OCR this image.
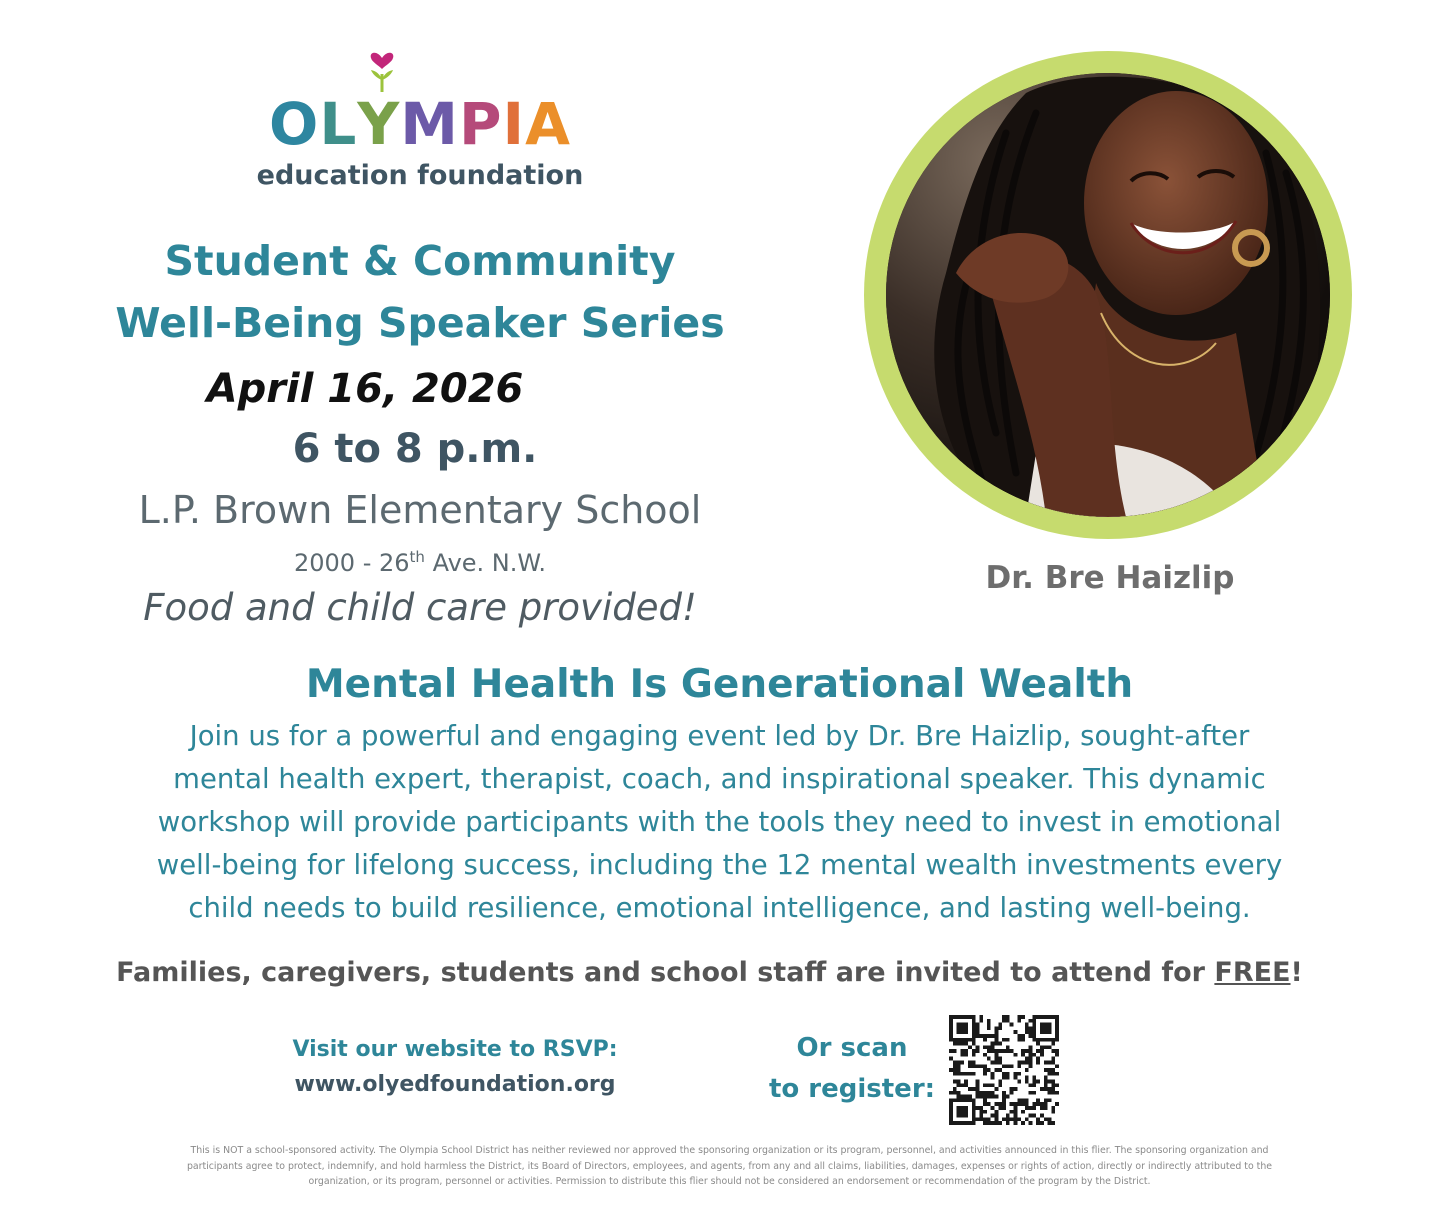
OLYMPIA
education foundation
Student & Community
Well-Being Speaker Series
April 16, 2026
6 to 8 p.m.
L.P. Brown Elementary School
2000 - 26th Ave. N.W.
Food and child care provided!
Dr. Bre Haizlip
Mental Health Is Generational Wealth
Join us for a powerful and engaging event led by Dr. Bre Haizlip, sought-after
mental health expert, therapist, coach, and inspirational speaker. This dynamic
workshop will provide participants with the tools they need to invest in emotional
well-being for lifelong success, including the 12 mental wealth investments every
child needs to build resilience, emotional intelligence, and lasting well-being.
Families, caregivers, students and school staff are invited to attend for FREE!
Visit our website to RSVP:
www.olyedfoundation.org
Or scan
to register:
This is NOT a school-sponsored activity. The Olympia School District has neither reviewed nor approved the sponsoring organization or its program, personnel, and activities announced in this flier. The sponsoring organization and
participants agree to protect, indemnify, and hold harmless the District, its Board of Directors, employees, and agents, from any and all claims, liabilities, damages, expenses or rights of action, directly or indirectly attributed to the
organization, or its program, personnel or activities. Permission to distribute this flier should not be considered an endorsement or recommendation of the program by the District.
